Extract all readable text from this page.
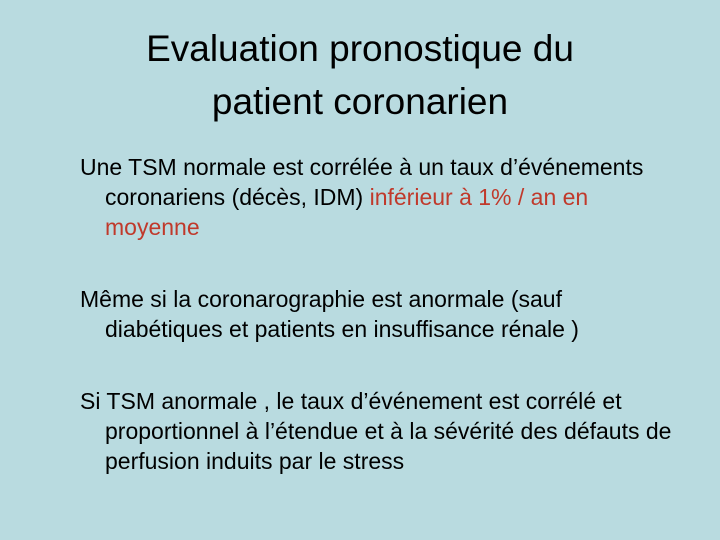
Evaluation pronostique du
patient coronarien
Une TSM normale est corrélée à un taux d’événements coronariens (décès, IDM) inférieur à 1% / an en moyenne
Même si la coronarographie est anormale (sauf diabétiques et patients en insuffisance rénale )
Si TSM anormale , le taux d’événement est corrélé et proportionnel à l’étendue et à la sévérité des défauts de perfusion induits par le stress
